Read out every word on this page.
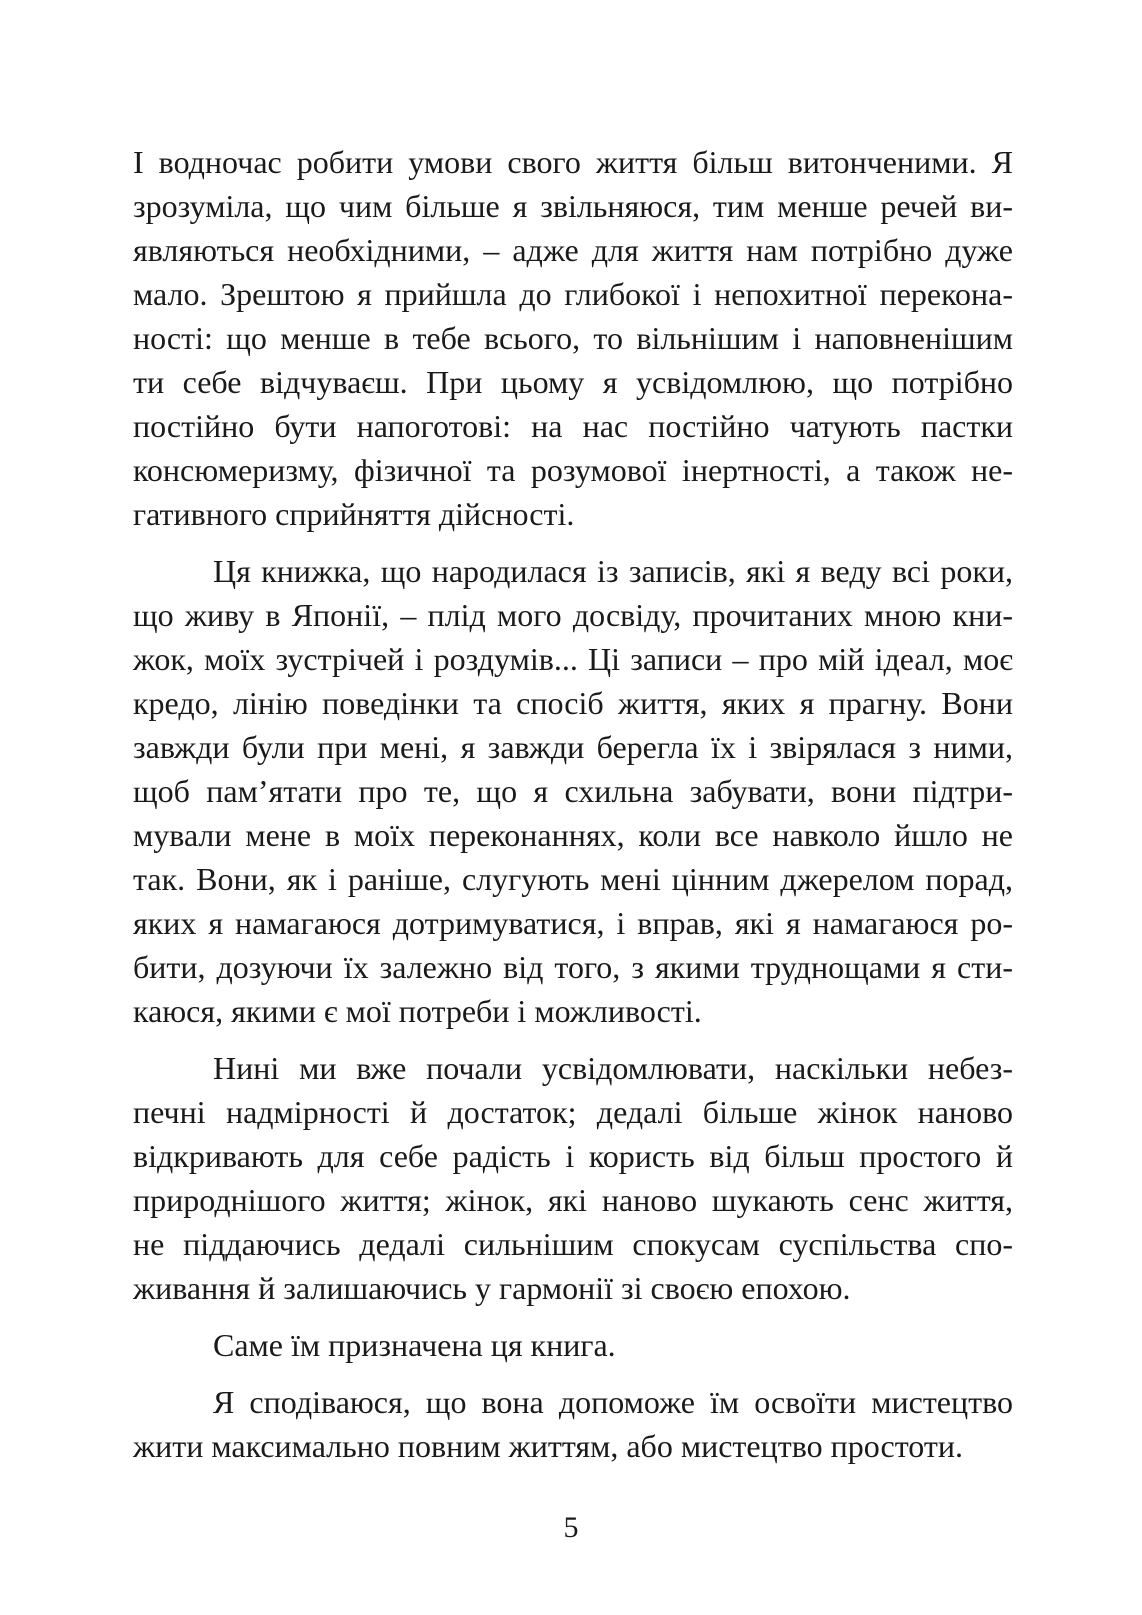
І водночас робити умови свого життя більш витонченими. Я
зрозуміла, що чим більше я звільняюся, тим менше речей ви-
являються необхідними, – адже для життя нам потрібно дуже
мало. Зрештою я прийшла до глибокої і непохитної перекона-
ності: що менше в тебе всього, то вільнішим і наповненішим
ти себе відчуваєш. При цьому я усвідомлюю, що потрібно
постійно бути напоготові: на нас постійно чатують пастки
консюмеризму, фізичної та розумової інертності, а також не-
гативного сприйняття дійсності.

Ця книжка, що народилася із записів, які я веду всі роки,
що живу в Японії, – плід мого досвіду, прочитаних мною кни-
жок, моїх зустрічей і роздумів... Ці записи – про мій ідеал, моє
кредо, лінію поведінки та спосіб життя, яких я прагну. Вони
завжди були при мені, я завжди берегла їх і звірялася з ними,
щоб пам’ятати про те, що я схильна забувати, вони підтри-
мували мене в моїх переконаннях, коли все навколо йшло не
так. Вони, як і раніше, слугують мені цінним джерелом порад,
яких я намагаюся дотримуватися, і вправ, які я намагаюся ро-
бити, дозуючи їх залежно від того, з якими труднощами я сти-
каюся, якими є мої потреби і можливості.

Нині ми вже почали усвідомлювати, наскільки небез-
печні надмірності й достаток; дедалі більше жінок наново
відкривають для себе радість і користь від більш простого й
природнішого життя; жінок, які наново шукають сенс життя,
не піддаючись дедалі сильнішим спокусам суспільства спо-
живання й залишаючись у гармонії зі своєю епохою.

Саме їм призначена ця книга.

Я сподіваюся, що вона допоможе їм освоїти мистецтво
жити максимально повним життям, або мистецтво простоти.

5
